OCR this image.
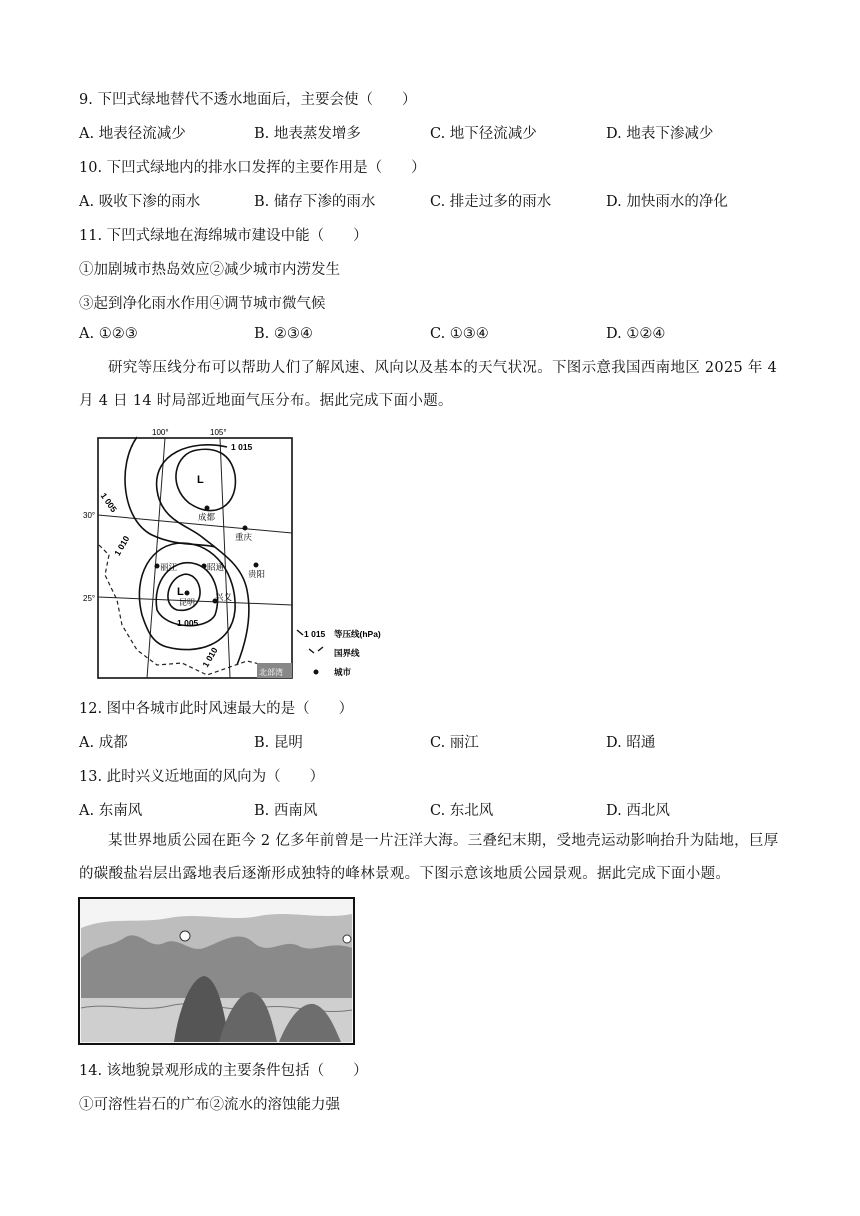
9. 下凹式绿地替代不透水地面后，主要会使（　　）
A. 地表径流减少	B. 地表蒸发增多	C. 地下径流减少	D. 地表下渗减少
10. 下凹式绿地内的排水口发挥的主要作用是（　　）
A. 吸收下渗的雨水	B. 储存下渗的雨水	C. 排走过多的雨水	D. 加快雨水的净化
11. 下凹式绿地在海绵城市建设中能（　　）
①加剧城市热岛效应②减少城市内涝发生
③起到净化雨水作用④调节城市微气候
A. ①②③	B. ②③④	C. ①③④	D. ①②④
研究等压线分布可以帮助人们了解风速、风向以及基本的天气状况。下图示意我国西南地区 2025 年 4 月 4 日 14 时局部近地面气压分布。据此完成下面小题。
100°	105°
30°
25°
1 015
1 005
1 010
1 005
1 010
L
L
成都
重庆
丽江	昭通
贵阳
昆明
兴义
北部湾
1 015 等压线(hPa)
国界线
城市
12. 图中各城市此时风速最大的是（　　）
A. 成都	B. 昆明	C. 丽江	D. 昭通
13. 此时兴义近地面的风向为（　　）
A. 东南风	B. 西南风	C. 东北风	D. 西北风
某世界地质公园在距今 2 亿多年前曾是一片汪洋大海。三叠纪末期，受地壳运动影响抬升为陆地，巨厚的碳酸盐岩层出露地表后逐渐形成独特的峰林景观。下图示意该地质公园景观。据此完成下面小题。
14. 该地貌景观形成的主要条件包括（　　）
①可溶性岩石的广布②流水的溶蚀能力强
